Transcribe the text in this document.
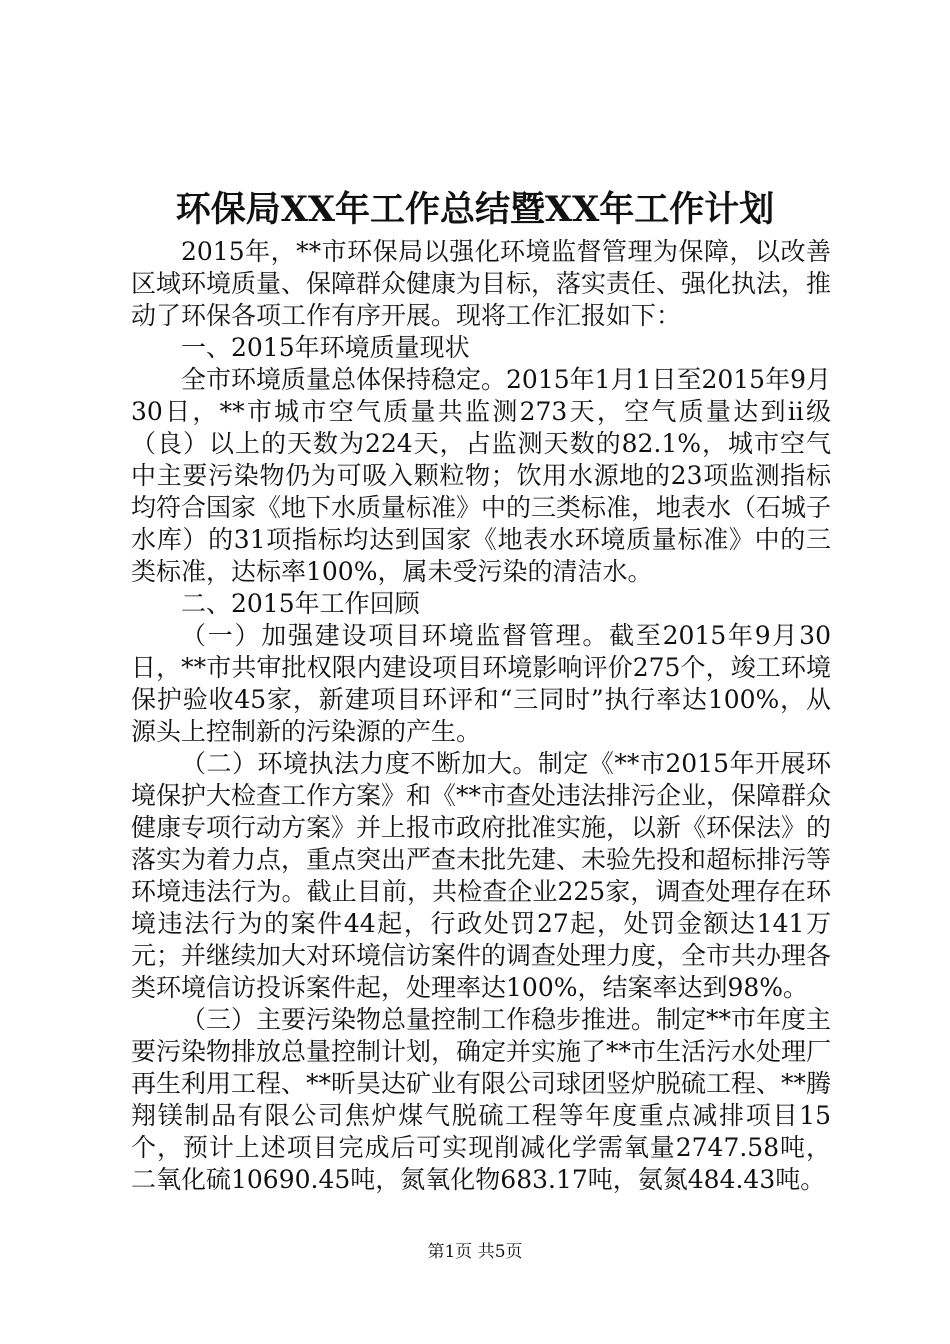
环保局XX年工作总结暨XX年工作计划

2015年，**市环保局以强化环境监督管理为保障，以改善区域环境质量、保障群众健康为目标，落实责任、强化执法，推动了环保各项工作有序开展。现将工作汇报如下：

一、2015年环境质量现状

全市环境质量总体保持稳定。2015年1月1日至2015年9月30日，**市城市空气质量共监测273天，空气质量达到ii级（良）以上的天数为224天，占监测天数的82.1%，城市空气中主要污染物仍为可吸入颗粒物；饮用水源地的23项监测指标均符合国家《地下水质量标准》中的三类标准，地表水（石城子水库）的31项指标均达到国家《地表水环境质量标准》中的三类标准，达标率100%，属未受污染的清洁水。

二、2015年工作回顾

（一）加强建设项目环境监督管理。截至2015年9月30日，**市共审批权限内建设项目环境影响评价275个，竣工环境保护验收45家，新建项目环评和“三同时”执行率达100%，从源头上控制新的污染源的产生。

（二）环境执法力度不断加大。制定《**市2015年开展环境保护大检查工作方案》和《**市查处违法排污企业，保障群众健康专项行动方案》并上报市政府批准实施，以新《环保法》的落实为着力点，重点突出严查未批先建、未验先投和超标排污等环境违法行为。截止目前，共检查企业225家，调查处理存在环境违法行为的案件44起，行政处罚27起，处罚金额达141万元；并继续加大对环境信访案件的调查处理力度，全市共办理各类环境信访投诉案件起，处理率达100%，结案率达到98%。

（三）主要污染物总量控制工作稳步推进。制定**市年度主要污染物排放总量控制计划，确定并实施了**市生活污水处理厂再生利用工程、**昕昊达矿业有限公司球团竖炉脱硫工程、**腾翔镁制品有限公司焦炉煤气脱硫工程等年度重点减排项目15个，预计上述项目完成后可实现削减化学需氧量2747.58吨，二氧化硫10690.45吨，氮氧化物683.17吨，氨氮484.43吨。

第1页 共5页
